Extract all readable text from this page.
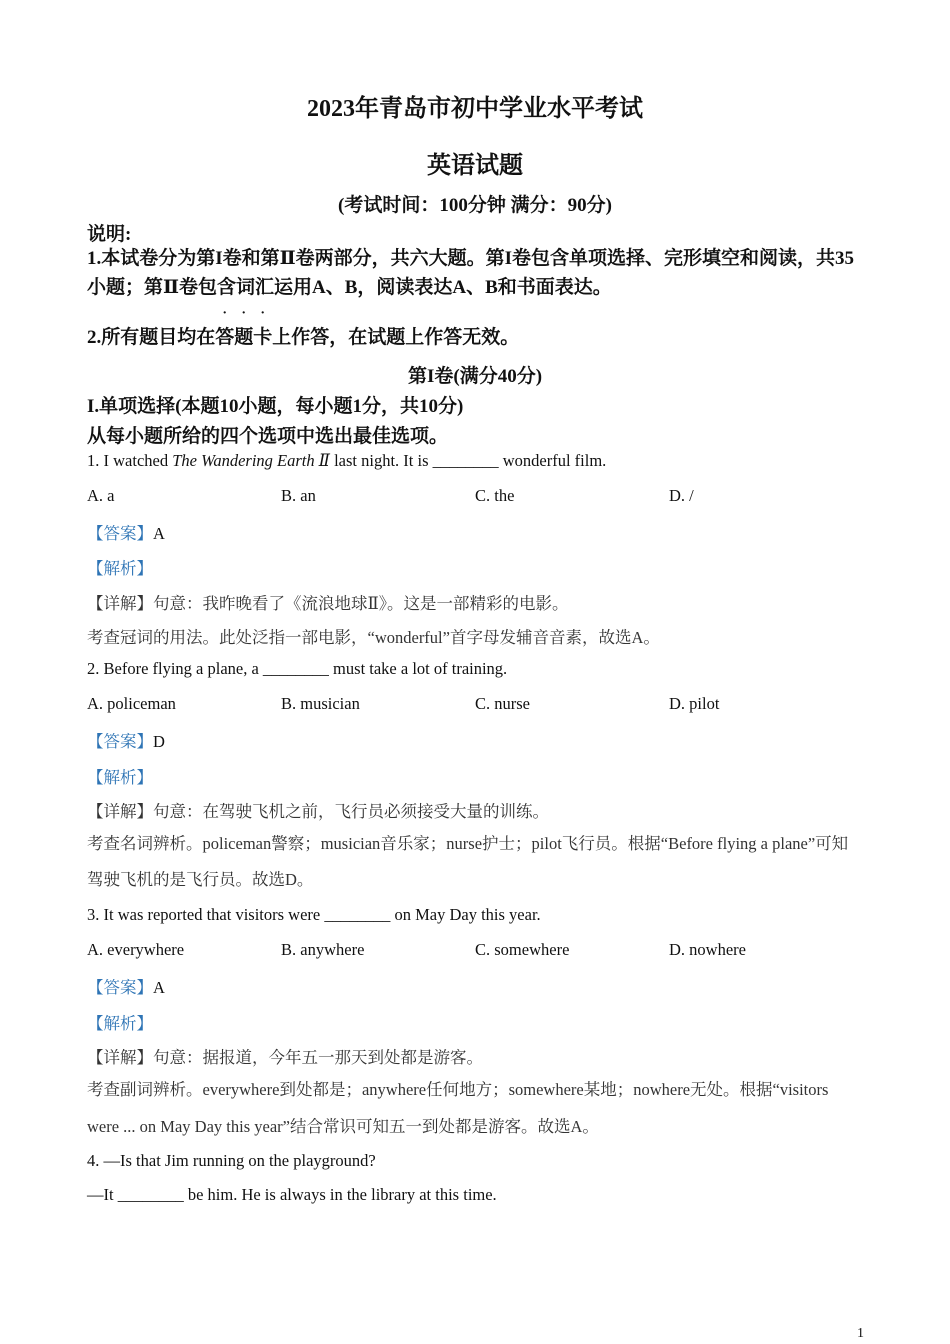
2023年青岛市初中学业水平考试
英语试题
(考试时间：100分钟 满分：90分)
说明:
1.本试卷分为第I卷和第Ⅱ卷两部分，共六大题。第I卷包含单项选择、完形填空和阅读，共35小题；第Ⅱ卷包含词汇运用A、B，阅读表达A、B和书面表达。
2.所有题目均在
· · ·
答题卡上作答，在试题上作答无效。
第I卷(满分40分)
I.单项选择(本题10小题，每小题1分，共10分)
从每小题所给的四个选项中选出最佳选项。
1. I watched The Wandering Earth Ⅱ last night. It is ________ wonderful film.
A. a	B. an	C. the	D. /
【答案】A
【解析】
【详解】句意：我昨晚看了《流浪地球Ⅱ》。这是一部精彩的电影。
考查冠词的用法。此处泛指一部电影，“wonderful”首字母发辅音音素，故选A。
2. Before flying a plane, a ________ must take a lot of training.
A. policeman	B. musician	C. nurse	D. pilot
【答案】D
【解析】
【详解】句意：在驾驶飞机之前，飞行员必须接受大量的训练。
考查名词辨析。policeman警察；musician音乐家；nurse护士；pilot飞行员。根据“Before flying a plane”可知驾驶飞机的是飞行员。故选D。
3. It was reported that visitors were ________ on May Day this year.
A. everywhere	B. anywhere	C. somewhere	D. nowhere
【答案】A
【解析】
【详解】句意：据报道，今年五一那天到处都是游客。
考查副词辨析。everywhere到处都是；anywhere任何地方；somewhere某地；nowhere无处。根据“visitors were ... on May Day this year”结合常识可知五一到处都是游客。故选A。
4. —Is that Jim running on the playground?
—It ________ be him. He is always in the library at this time.
1
